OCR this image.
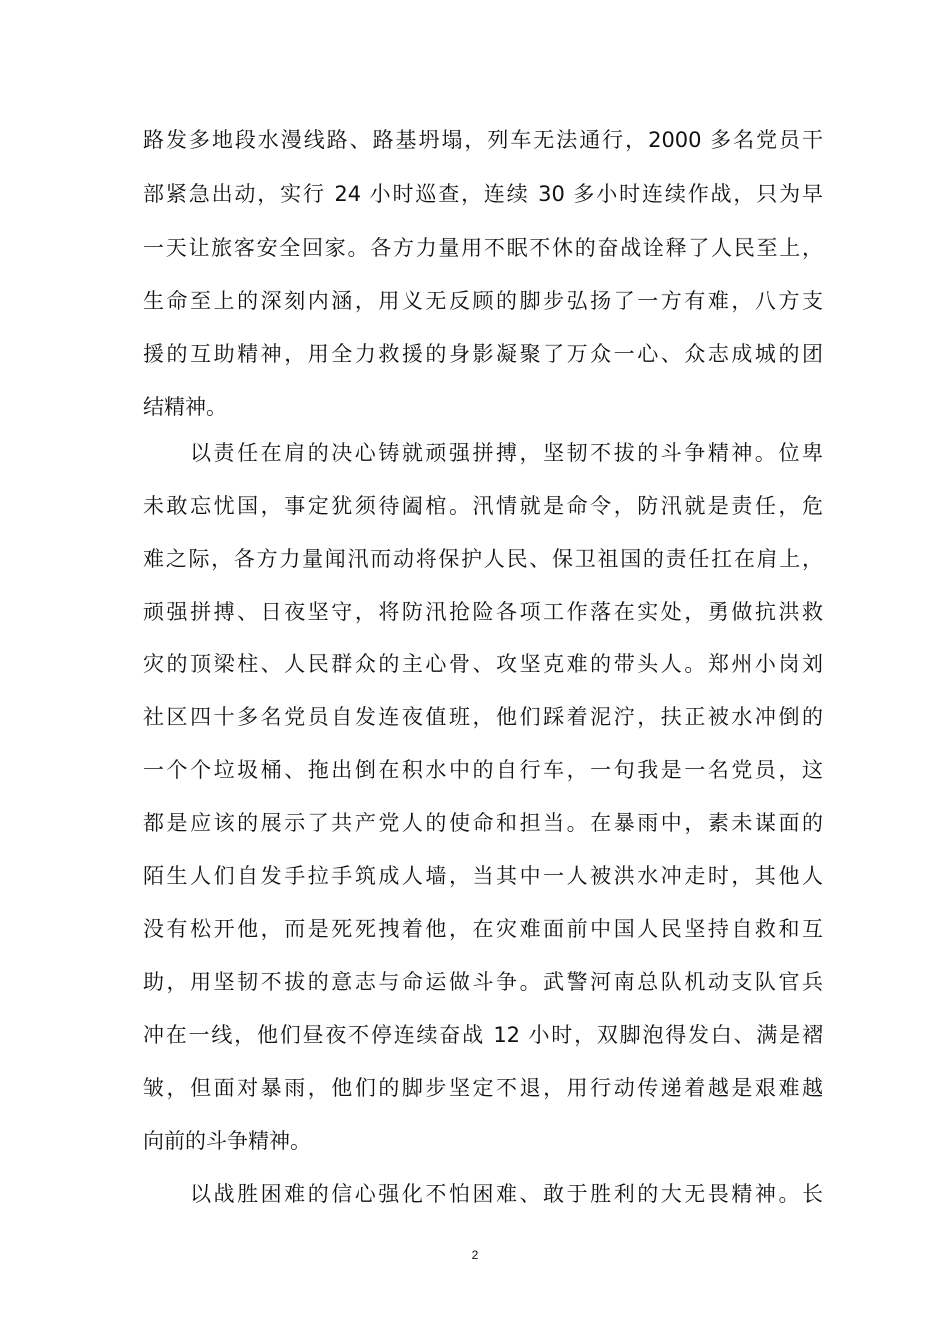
路发多地段水漫线路、路基坍塌，列车无法通行，2000 多名党员干
部紧急出动，实行 24 小时巡查，连续 30 多小时连续作战，只为早
一天让旅客安全回家。各方力量用不眠不休的奋战诠释了人民至上，
生命至上的深刻内涵，用义无反顾的脚步弘扬了一方有难，八方支
援的互助精神，用全力救援的身影凝聚了万众一心、众志成城的团
结精神。
以责任在肩的决心铸就顽强拼搏，坚韧不拔的斗争精神。位卑
未敢忘忧国，事定犹须待阖棺。汛情就是命令，防汛就是责任，危
难之际，各方力量闻汛而动将保护人民、保卫祖国的责任扛在肩上，
顽强拼搏、日夜坚守，将防汛抢险各项工作落在实处，勇做抗洪救
灾的顶梁柱、人民群众的主心骨、攻坚克难的带头人。郑州小岗刘
社区四十多名党员自发连夜值班，他们踩着泥泞，扶正被水冲倒的
一个个垃圾桶、拖出倒在积水中的自行车，一句我是一名党员，这
都是应该的展示了共产党人的使命和担当。在暴雨中，素未谋面的
陌生人们自发手拉手筑成人墙，当其中一人被洪水冲走时，其他人
没有松开他，而是死死拽着他，在灾难面前中国人民坚持自救和互
助，用坚韧不拔的意志与命运做斗争。武警河南总队机动支队官兵
冲在一线，他们昼夜不停连续奋战 12 小时，双脚泡得发白、满是褶
皱，但面对暴雨，他们的脚步坚定不退，用行动传递着越是艰难越
向前的斗争精神。
以战胜困难的信心强化不怕困难、敢于胜利的大无畏精神。长
2
